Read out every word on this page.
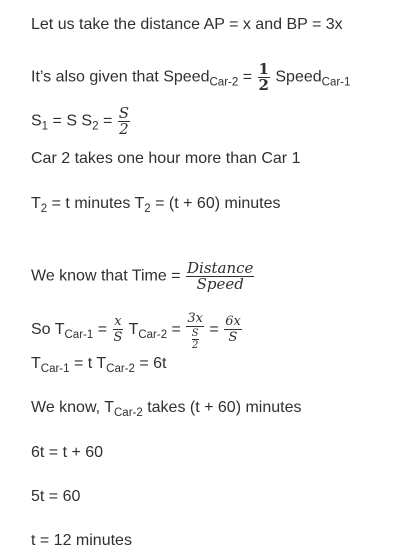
Let us take the distance AP = x and BP = 3x
It’s also given that Speed$_{Car-2}$ = $\frac{1}{2}$ Speed$_{Car-1}$
$S_1 = S$ $S_2 = \frac{S}{2}$
Car 2 takes one hour more than Car 1
$T_2 = t$ minutes $T_2 = (t + 60)$ minutes
We know that Time = $\frac{\text{Distance}}{\text{Speed}}$
So $T_{Car-1} = \frac{x}{S} T_{Car-2} = \frac{3x}{\frac{S}{2}} = \frac{6x}{S}$
$T_{Car-1} = t$ $T_{Car-2} = 6t$
We know, $T_{Car-2}$ takes (t + 60) minutes
6t = t + 60
5t = 60
t = 12 minutes
